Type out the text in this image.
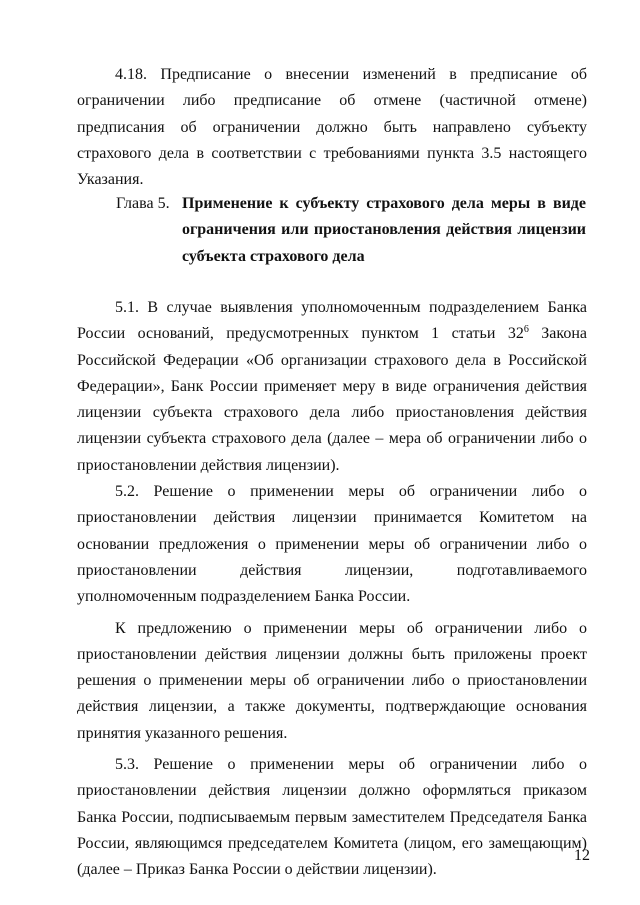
4.18. Предписание о внесении изменений в предписание об ограничении либо предписание об отмене (частичной отмене) предписания об ограничении должно быть направлено субъекту страхового дела в соответствии с требованиями пункта 3.5 настоящего Указания.

Глава 5. Применение к субъекту страхового дела меры в виде ограничения или приостановления действия лицензии субъекта страхового дела

5.1. В случае выявления уполномоченным подразделением Банка России оснований, предусмотренных пунктом 1 статьи $32^6$ Закона Российской Федерации «Об организации страхового дела в Российской Федерации», Банк России применяет меру в виде ограничения действия лицензии субъекта страхового дела либо приостановления действия лицензии субъекта страхового дела (далее – мера об ограничении либо о приостановлении действия лицензии).

5.2. Решение о применении меры об ограничении либо о приостановлении действия лицензии принимается Комитетом на основании предложения о применении меры об ограничении либо о приостановлении действия лицензии, подготавливаемого уполномоченным подразделением Банка России.

К предложению о применении меры об ограничении либо о приостановлении действия лицензии должны быть приложены проект решения о применении меры об ограничении либо о приостановлении действия лицензии, а также документы, подтверждающие основания принятия указанного решения.

5.3. Решение о применении меры об ограничении либо о приостановлении действия лицензии должно оформляться приказом Банка России, подписываемым первым заместителем Председателя Банка России, являющимся председателем Комитета (лицом, его замещающим) (далее – Приказ Банка России о действии лицензии).

12
